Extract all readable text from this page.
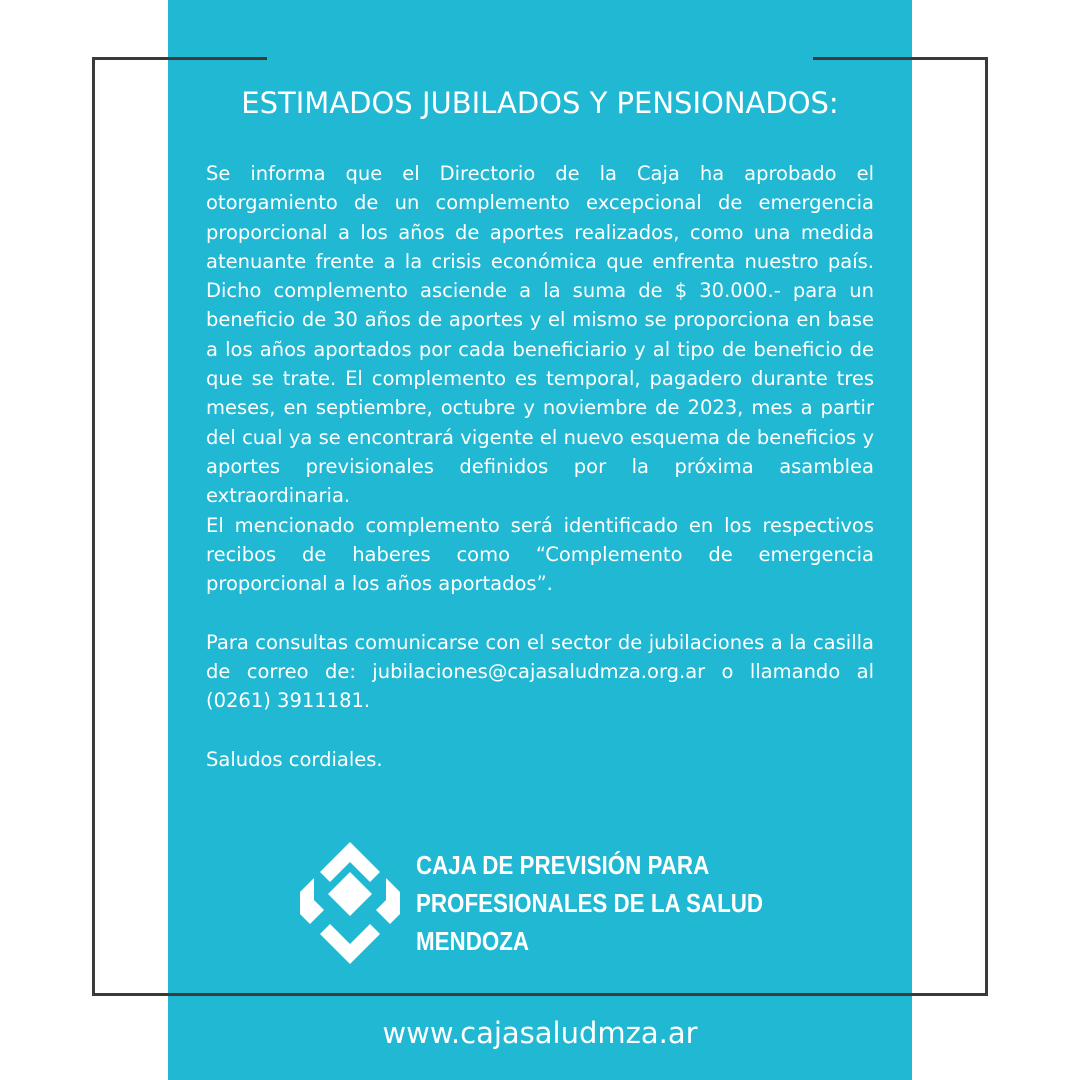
ESTIMADOS JUBILADOS Y PENSIONADOS:

Se informa que el Directorio de la Caja ha aprobado el otorgamiento de un complemento excepcional de emergencia proporcional a los años de aportes realizados, como una medida atenuante frente a la crisis económica que enfrenta nuestro país. Dicho complemento asciende a la suma de $ 30.000.- para un beneficio de 30 años de aportes y el mismo se proporciona en base a los años aportados por cada beneficiario y al tipo de beneficio de que se trate. El complemento es temporal, pagadero durante tres meses, en septiembre, octubre y noviembre de 2023, mes a partir del cual ya se encontrará vigente el nuevo esquema de beneficios y aportes previsionales definidos por la próxima asamblea extraordinaria.

El mencionado complemento será identificado en los respectivos recibos de haberes como “Complemento de emergencia proporcional a los años aportados”.

Para consultas comunicarse con el sector de jubilaciones a la casilla de correo de: jubilaciones@cajasaludmza.org.ar o llamando al (0261) 3911181.

Saludos cordiales.

CAJA DE PREVISIÓN PARA
PROFESIONALES DE LA SALUD
MENDOZA
www.cajasaludmza.ar
